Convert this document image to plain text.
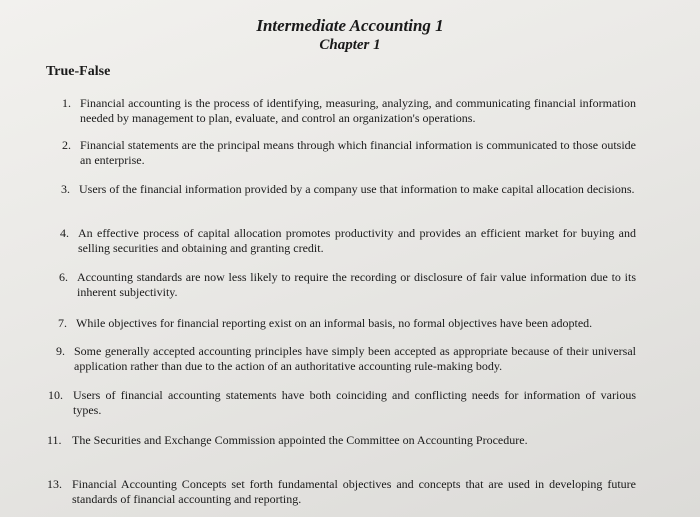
Intermediate Accounting 1
Chapter 1
True-False
1. Financial accounting is the process of identifying, measuring, analyzing, and communicating financial information needed by management to plan, evaluate, and control an organization's operations.
2. Financial statements are the principal means through which financial information is communicated to those outside an enterprise.
3. Users of the financial information provided by a company use that information to make capital allocation decisions.
4. An effective process of capital allocation promotes productivity and provides an efficient market for buying and selling securities and obtaining and granting credit.
6. Accounting standards are now less likely to require the recording or disclosure of fair value information due to its inherent subjectivity.
7. While objectives for financial reporting exist on an informal basis, no formal objectives have been adopted.
9. Some generally accepted accounting principles have simply been accepted as appropriate because of their universal application rather than due to the action of an authoritative accounting rule-making body.
10. Users of financial accounting statements have both coinciding and conflicting needs for information of various types.
11. The Securities and Exchange Commission appointed the Committee on Accounting Procedure.
13. Financial Accounting Concepts set forth fundamental objectives and concepts that are used in developing future standards of financial accounting and reporting.
